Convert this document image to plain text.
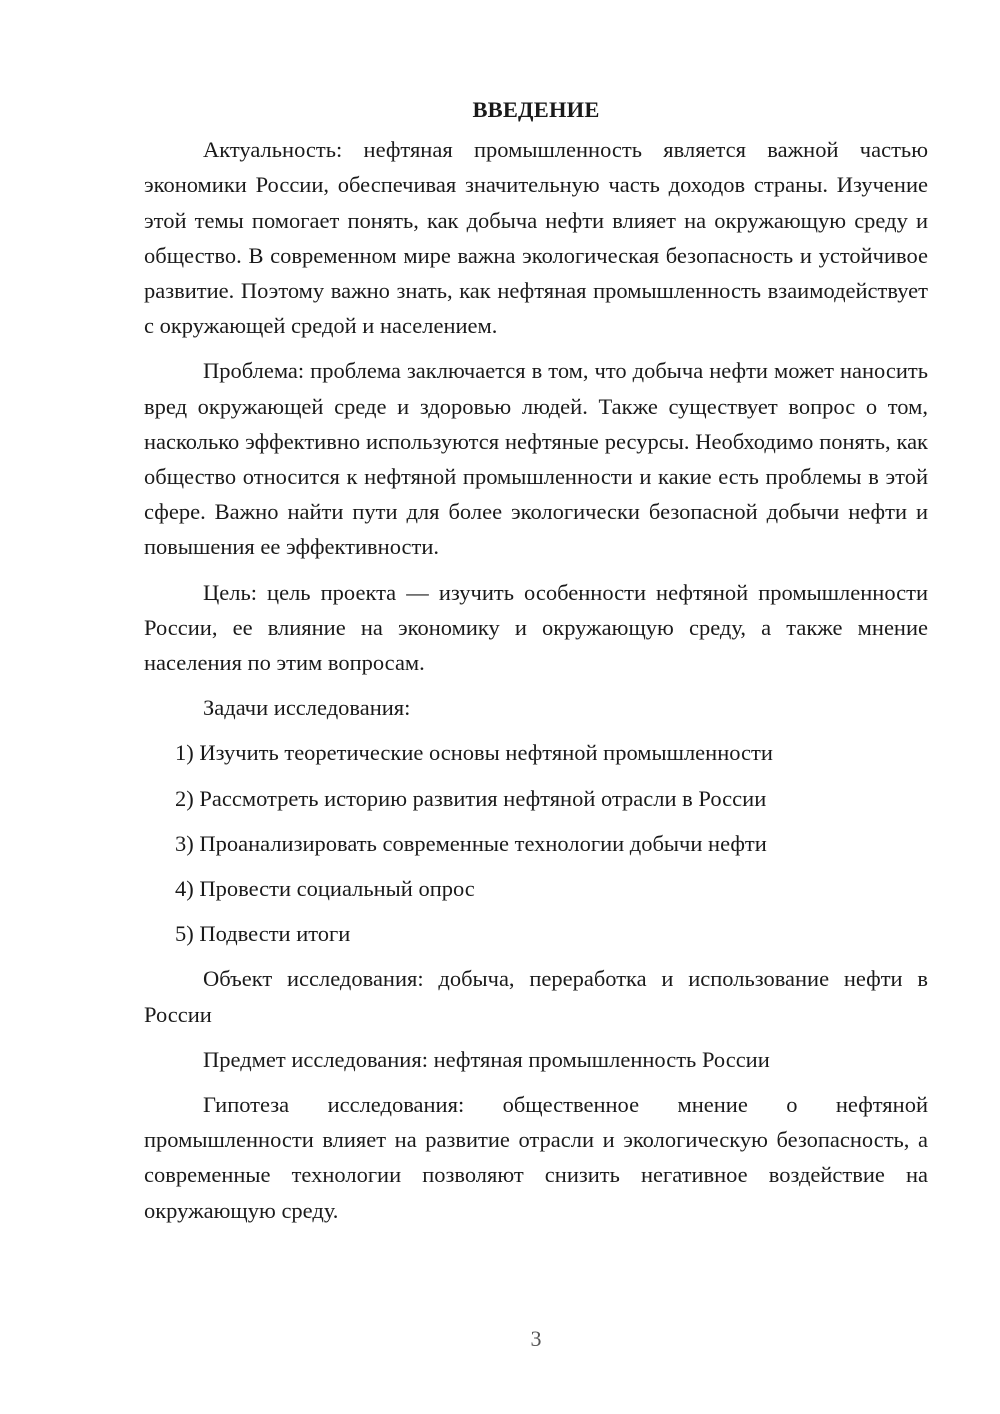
ВВЕДЕНИЕ

Актуальность: нефтяная промышленность является важной частью экономики России, обеспечивая значительную часть доходов страны. Изучение этой темы помогает понять, как добыча нефти влияет на окружающую среду и общество. В современном мире важна экологическая безопасность и устойчивое развитие. Поэтому важно знать, как нефтяная промышленность взаимодействует с окружающей средой и населением.

Проблема: проблема заключается в том, что добыча нефти может наносить вред окружающей среде и здоровью людей. Также существует вопрос о том, насколько эффективно используются нефтяные ресурсы. Необходимо понять, как общество относится к нефтяной промышленности и какие есть проблемы в этой сфере. Важно найти пути для более экологически безопасной добычи нефти и повышения ее эффективности.

Цель: цель проекта — изучить особенности нефтяной промышленности России, ее влияние на экономику и окружающую среду, а также мнение населения по этим вопросам.

Задачи исследования:

1) Изучить теоретические основы нефтяной промышленности
2) Рассмотреть историю развития нефтяной отрасли в России
3) Проанализировать современные технологии добычи нефти
4) Провести социальный опрос
5) Подвести итоги

Объект исследования: добыча, переработка и использование нефти в России

Предмет исследования: нефтяная промышленность России

Гипотеза исследования: общественное мнение о нефтяной промышленности влияет на развитие отрасли и экологическую безопасность, а современные технологии позволяют снизить негативное воздействие на окружающую среду.

3
